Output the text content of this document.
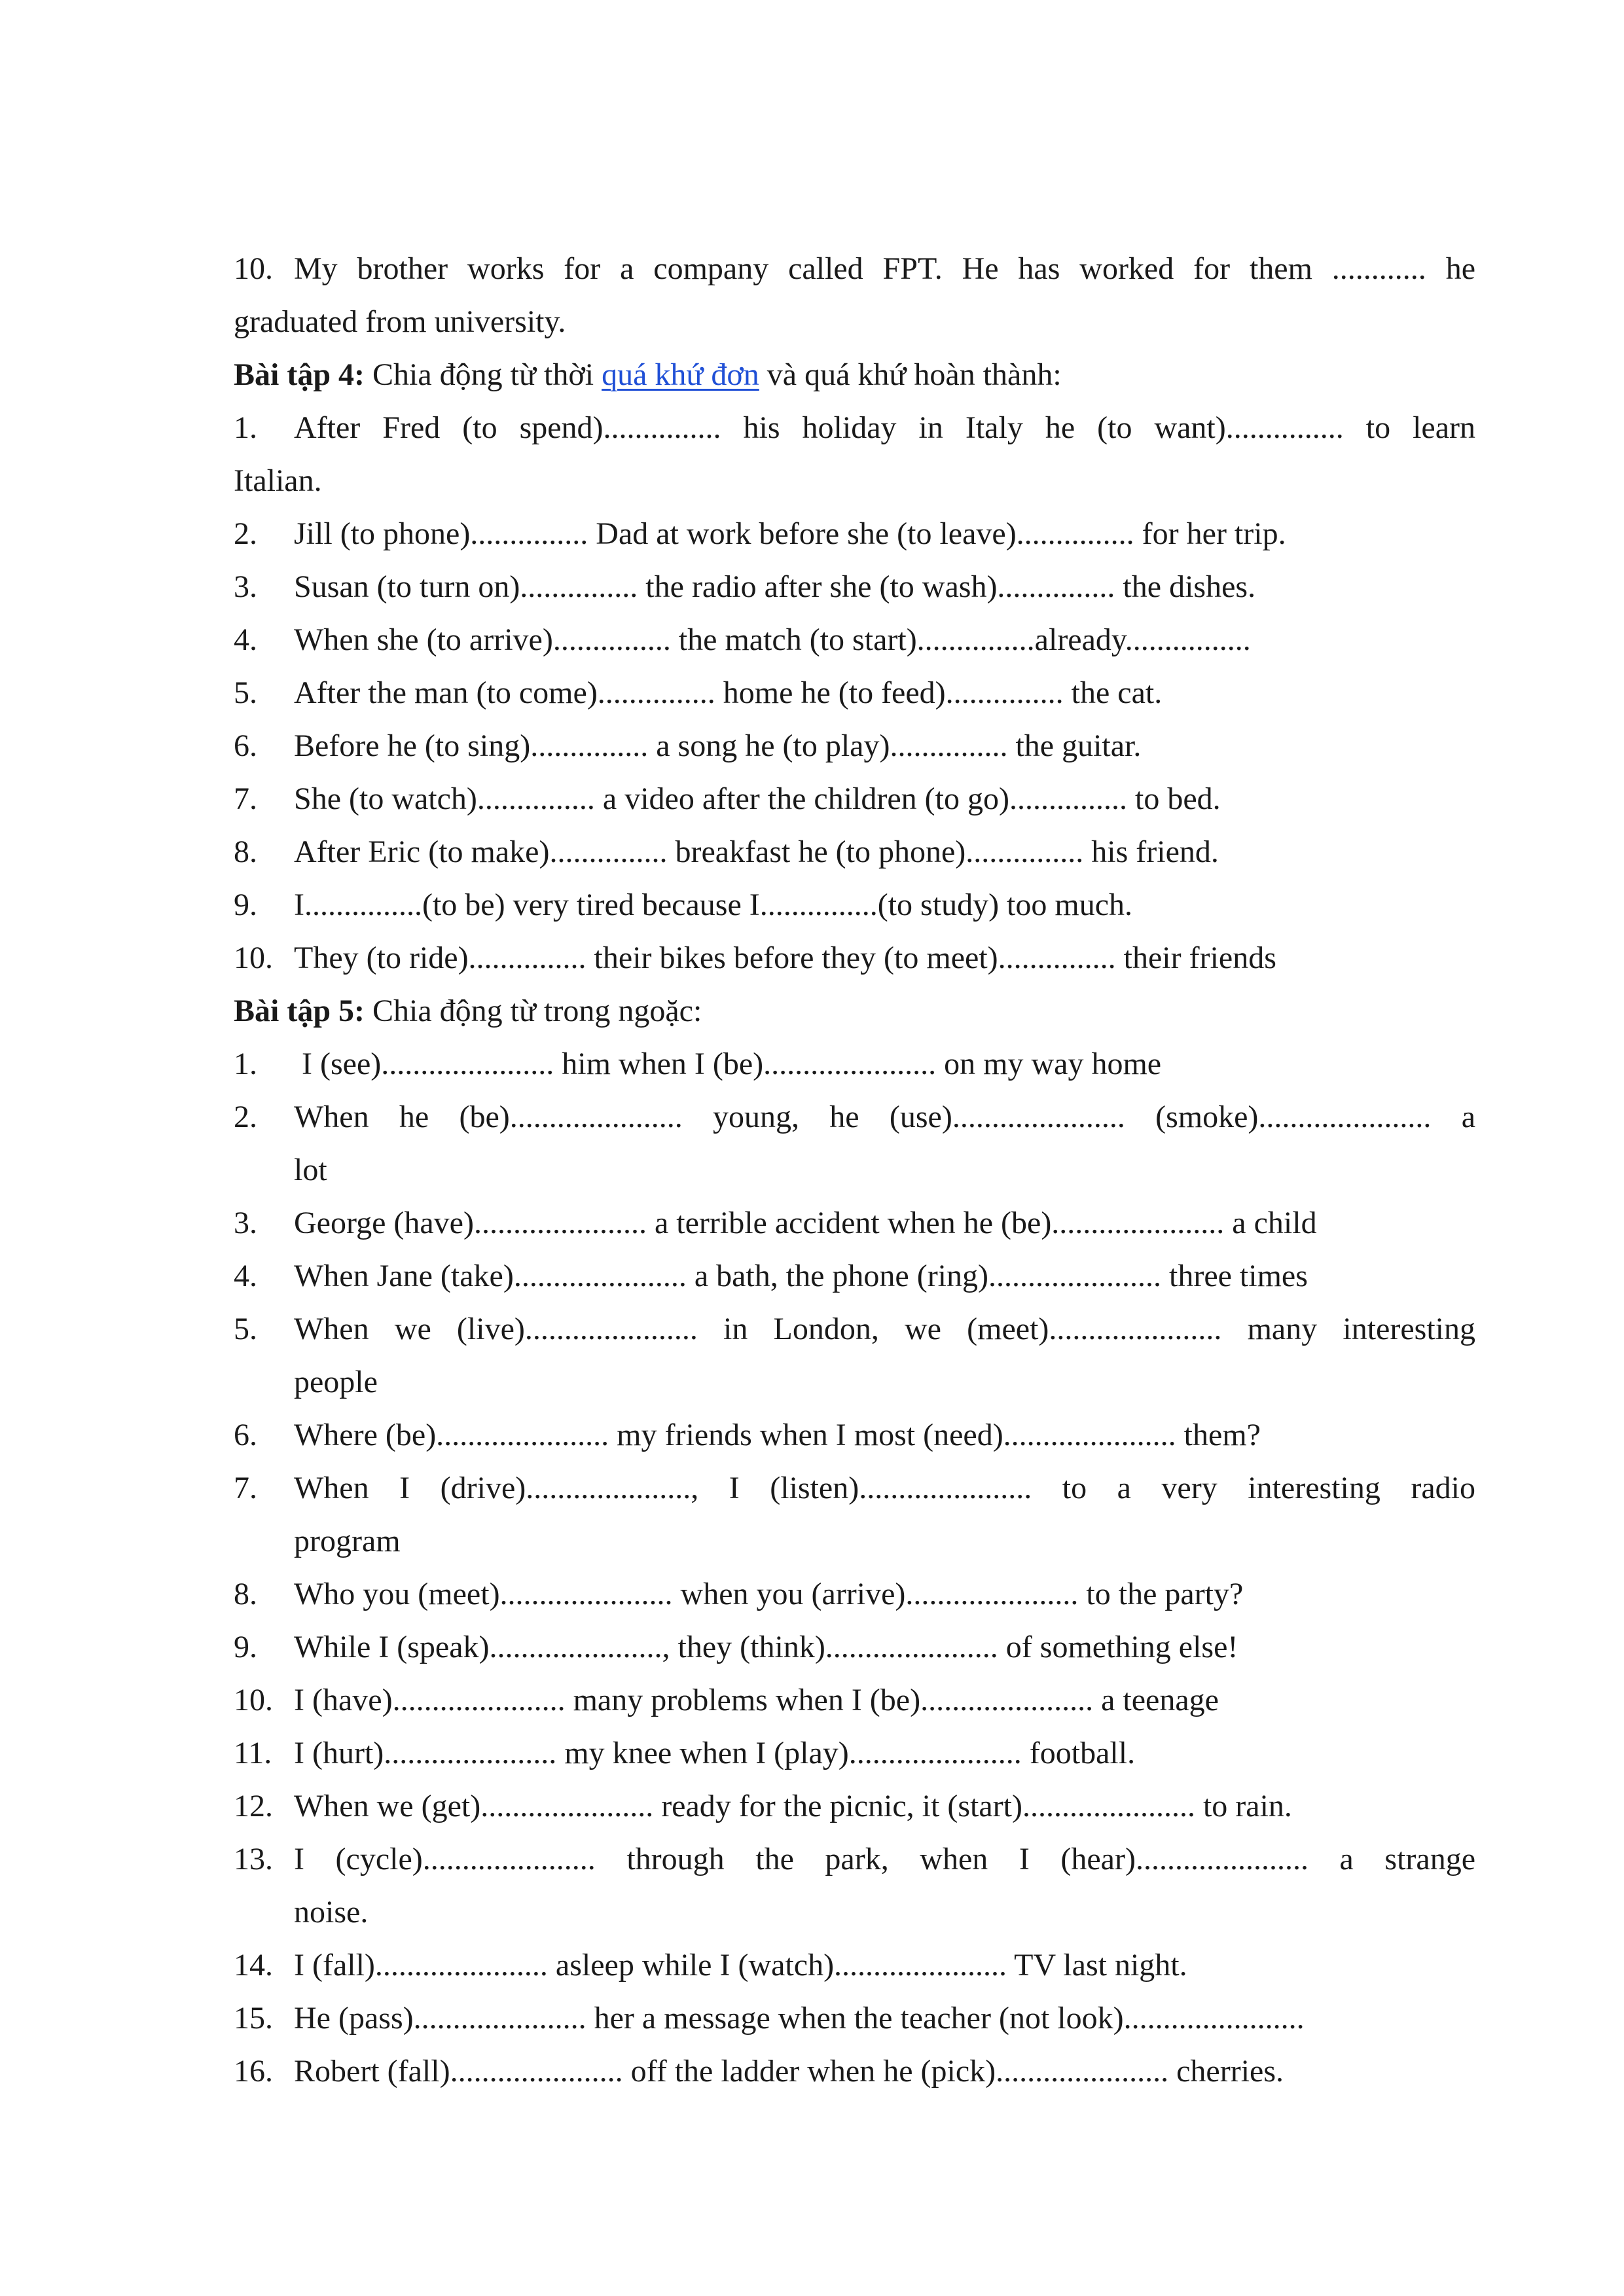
10. My brother works for a company called FPT. He has worked for them ............ he

graduated from university.

Bài tập 4: Chia động từ thời quá khứ đơn và quá khứ hoàn thành:

1.	After Fred (to spend)............... his holiday in Italy he (to want)............... to learn

Italian.

2.	Jill (to phone)............... Dad at work before she (to leave)............... for her trip.
3.	Susan (to turn on)............... the radio after she (to wash)............... the dishes.
4.	When she (to arrive)............... the match (to start)...............already................
5.	After the man (to come)............... home he (to feed)............... the cat.
6.	Before he (to sing)............... a song he (to play)............... the guitar.
7.	She (to watch)............... a video after the children (to go)............... to bed.
8.	After Eric (to make)............... breakfast he (to phone)............... his friend.
9.	I...............(to be) very tired because I...............(to study) too much.
10. They (to ride)............... their bikes before they (to meet)............... their friends

Bài tập 5: Chia động từ trong ngoặc:

1.	I (see)...................... him when I (be)...................... on my way home
2.	When he (be)...................... young, he (use)...................... (smoke)...................... a
lot
3.	George (have)...................... a terrible accident when he (be)...................... a child
4.	When Jane (take)...................... a bath, the phone (ring)...................... three times
5.	When we (live)...................... in London, we (meet)...................... many interesting
people
6.	Where (be)...................... my friends when I most (need)...................... them?
7.	When I (drive)....................., I (listen)...................... to a very interesting radio
program
8.	Who you (meet)...................... when you (arrive)...................... to the party?
9.	While I (speak)......................, they (think)...................... of something else!
10. I (have)...................... many problems when I (be)...................... a teenage
11. I (hurt)...................... my knee when I (play)...................... football.
12. When we (get)...................... ready for the picnic, it (start)...................... to rain.
13. I (cycle)...................... through the park, when I (hear)...................... a strange
noise.
14. I (fall)...................... asleep while I (watch)...................... TV last night.
15. He (pass)...................... her a message when the teacher (not look).......................
16. Robert (fall)...................... off the ladder when he (pick)...................... cherries.
